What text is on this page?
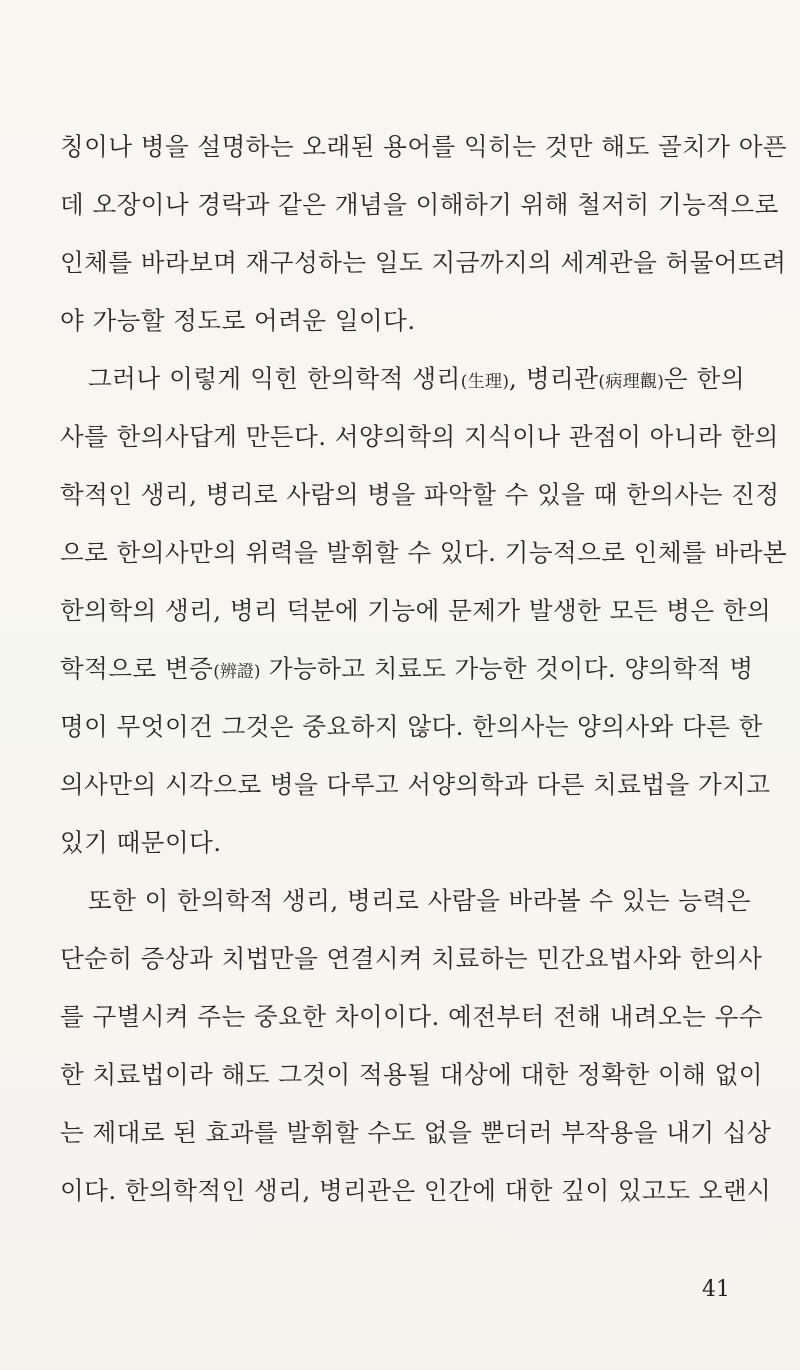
칭이나 병을 설명하는 오래된 용어를 익히는 것만 해도 골치가 아픈
데 오장이나 경락과 같은 개념을 이해하기 위해 철저히 기능적으로
인체를 바라보며 재구성하는 일도 지금까지의 세계관을 허물어뜨려
야 가능할 정도로 어려운 일이다.
그러나 이렇게 익힌 한의학적 생리(生理), 병리관(病理觀)은 한의
사를 한의사답게 만든다. 서양의학의 지식이나 관점이 아니라 한의
학적인 생리, 병리로 사람의 병을 파악할 수 있을 때 한의사는 진정
으로 한의사만의 위력을 발휘할 수 있다. 기능적으로 인체를 바라본
한의학의 생리, 병리 덕분에 기능에 문제가 발생한 모든 병은 한의
학적으로 변증(辨證) 가능하고 치료도 가능한 것이다. 양의학적 병
명이 무엇이건 그것은 중요하지 않다. 한의사는 양의사와 다른 한
의사만의 시각으로 병을 다루고 서양의학과 다른 치료법을 가지고
있기 때문이다.
또한 이 한의학적 생리, 병리로 사람을 바라볼 수 있는 능력은
단순히 증상과 치법만을 연결시켜 치료하는 민간요법사와 한의사
를 구별시켜 주는 중요한 차이이다. 예전부터 전해 내려오는 우수
한 치료법이라 해도 그것이 적용될 대상에 대한 정확한 이해 없이
는 제대로 된 효과를 발휘할 수도 없을 뿐더러 부작용을 내기 십상
이다. 한의학적인 생리, 병리관은 인간에 대한 깊이 있고도 오랜시
41
